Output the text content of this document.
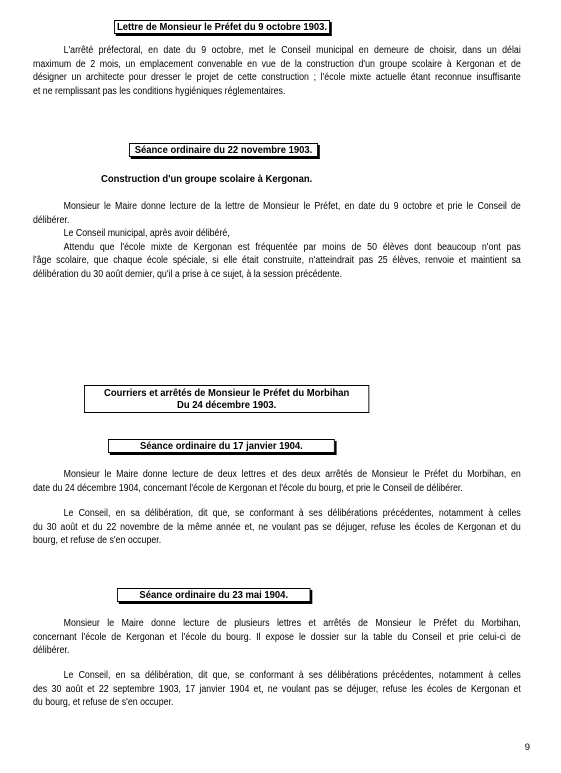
Lettre de Monsieur le Préfet du 9 octobre 1903.
L'arrêté préfectoral, en date du 9 octobre, met le Conseil municipal en demeure de choisir, dans un délai
maximum de 2 mois, un emplacement convenable en vue de la construction d'un groupe scolaire à Kergonan et de
désigner un architecte pour dresser le projet de cette construction ; l'école mixte actuelle étant reconnue insuffisante
et ne remplissant pas les conditions hygiéniques réglementaires.
Séance ordinaire du 22 novembre 1903.
Construction d'un groupe scolaire à Kergonan.
Monsieur le Maire donne lecture de la lettre de Monsieur le Préfet, en date du 9 octobre et prie le Conseil de
délibérer.
Le Conseil municipal, après avoir délibéré,
Attendu que l'école mixte de Kergonan est fréquentée par moins de 50 élèves dont beaucoup n'ont pas
l'âge scolaire, que chaque école spéciale, si elle était construite, n'atteindrait pas 25 élèves, renvoie et maintient sa
délibération du 30 août dernier, qu'il a prise à ce sujet, à la session précédente.
Courriers et arrêtés de Monsieur le Préfet du Morbihan
Du 24 décembre 1903.
Séance ordinaire du 17 janvier 1904.
Monsieur le Maire donne lecture de deux lettres et des deux arrêtés de Monsieur le Préfet du Morbihan, en
date du 24 décembre 1904, concernant l'école de Kergonan et l'école du bourg, et prie le Conseil de délibérer.
Le Conseil, en sa délibération, dit que, se conformant à ses délibérations précédentes, notamment à celles
du 30 août et du 22 novembre de la même année et, ne voulant pas se déjuger, refuse les écoles de Kergonan et du
bourg, et refuse de s'en occuper.
Séance ordinaire du 23 mai 1904.
Monsieur le Maire donne lecture de plusieurs lettres et arrêtés de Monsieur le Préfet du Morbihan,
concernant l'école de Kergonan et l'école du bourg. Il expose le dossier sur la table du Conseil et prie celui-ci de
délibérer.
Le Conseil, en sa délibération, dit que, se conformant à ses délibérations précédentes, notamment à celles
des 30 août et 22 septembre 1903, 17 janvier 1904 et, ne voulant pas se déjuger, refuse les écoles de Kergonan et
du bourg, et refuse de s'en occuper.
9
